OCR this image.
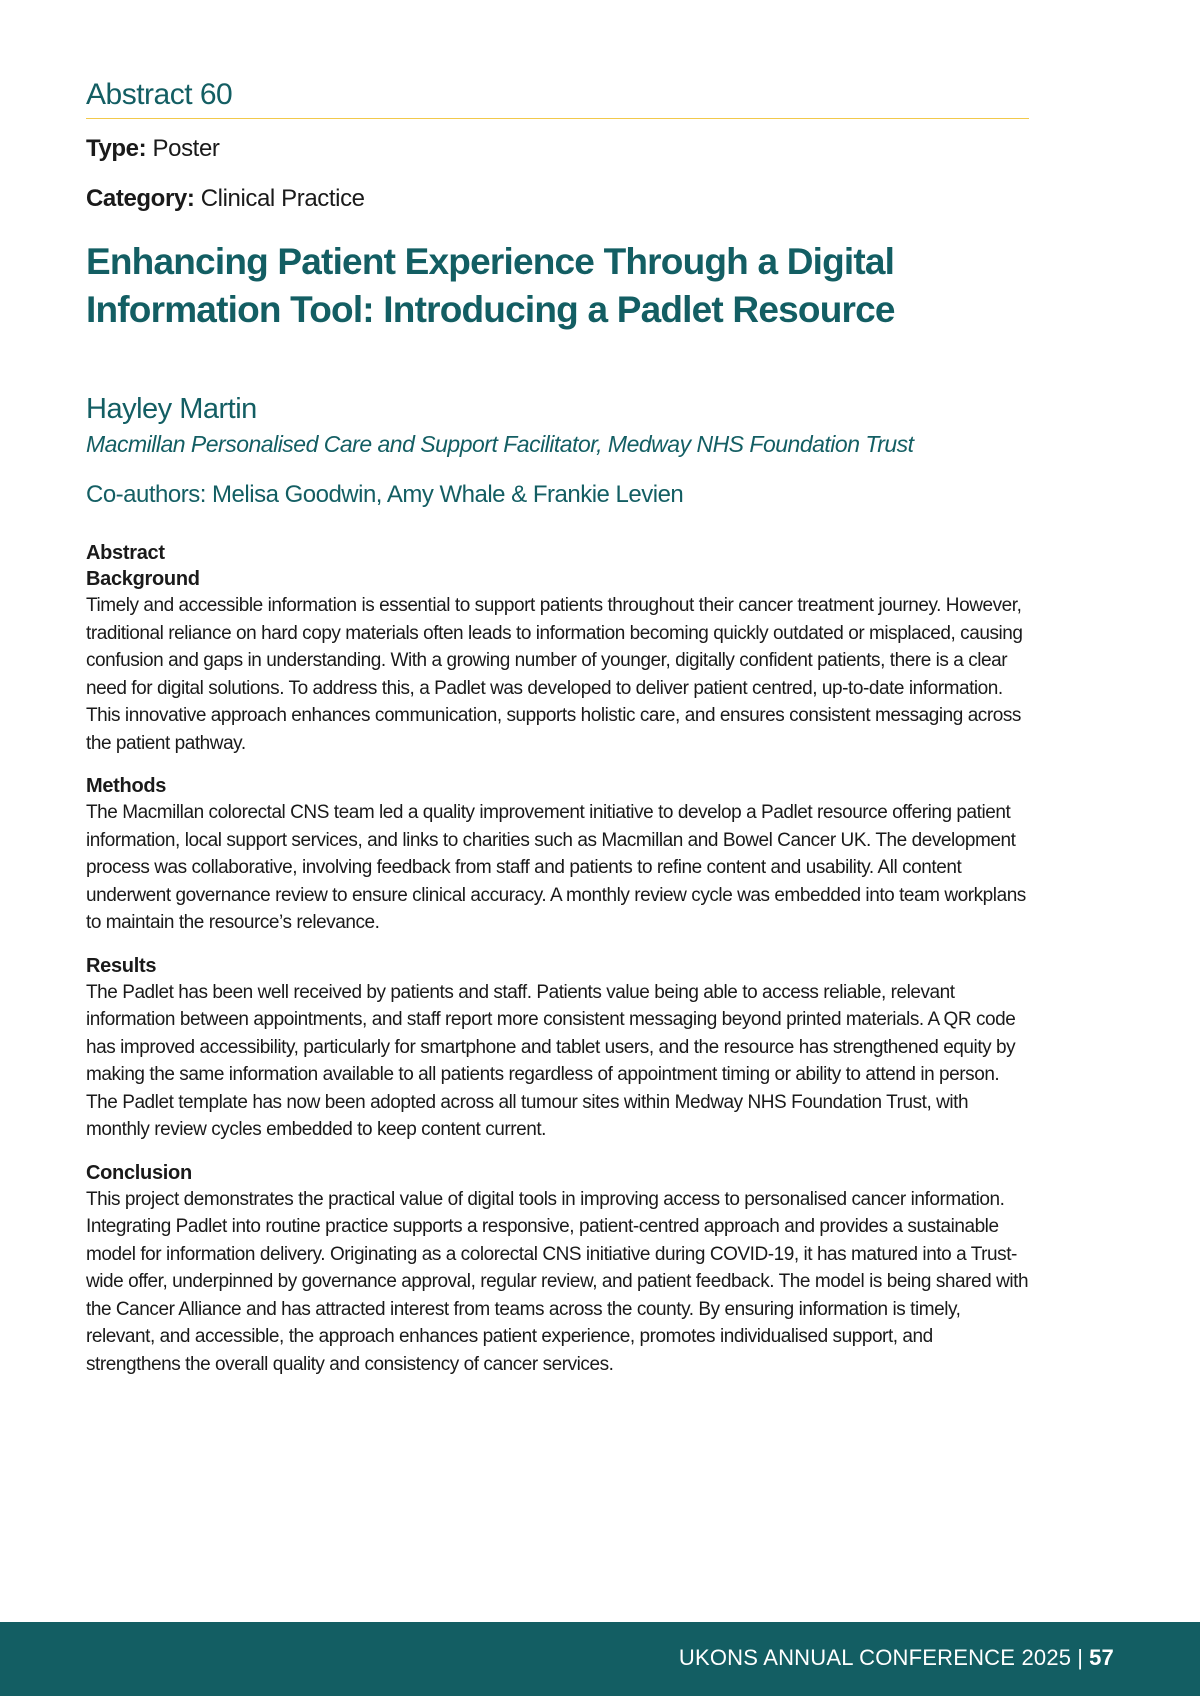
Abstract 60
Type: Poster
Category: Clinical Practice
Enhancing Patient Experience Through a Digital Information Tool: Introducing a Padlet Resource
Hayley Martin
Macmillan Personalised Care and Support Facilitator, Medway NHS Foundation Trust
Co-authors: Melisa Goodwin, Amy Whale & Frankie Levien
Abstract
Background

Timely and accessible information is essential to support patients throughout their cancer treatment journey. However, traditional reliance on hard copy materials often leads to information becoming quickly outdated or misplaced, causing confusion and gaps in understanding. With a growing number of younger, digitally confident patients, there is a clear need for digital solutions. To address this, a Padlet was developed to deliver patient centred, up-to-date information. This innovative approach enhances communication, supports holistic care, and ensures consistent messaging across the patient pathway.

Methods

The Macmillan colorectal CNS team led a quality improvement initiative to develop a Padlet resource offering patient information, local support services, and links to charities such as Macmillan and Bowel Cancer UK. The development process was collaborative, involving feedback from staff and patients to refine content and usability. All content underwent governance review to ensure clinical accuracy. A monthly review cycle was embedded into team workplans to maintain the resource’s relevance.

Results

The Padlet has been well received by patients and staff. Patients value being able to access reliable, relevant information between appointments, and staff report more consistent messaging beyond printed materials. A QR code has improved accessibility, particularly for smartphone and tablet users, and the resource has strengthened equity by making the same information available to all patients regardless of appointment timing or ability to attend in person. The Padlet template has now been adopted across all tumour sites within Medway NHS Foundation Trust, with monthly review cycles embedded to keep content current.

Conclusion

This project demonstrates the practical value of digital tools in improving access to personalised cancer information. Integrating Padlet into routine practice supports a responsive, patient-centred approach and provides a sustainable model for information delivery. Originating as a colorectal CNS initiative during COVID-19, it has matured into a Trust-wide offer, underpinned by governance approval, regular review, and patient feedback. The model is being shared with the Cancer Alliance and has attracted interest from teams across the county. By ensuring information is timely, relevant, and accessible, the approach enhances patient experience, promotes individualised support, and strengthens the overall quality and consistency of cancer services.

UKONS ANNUAL CONFERENCE 2025 | 57
